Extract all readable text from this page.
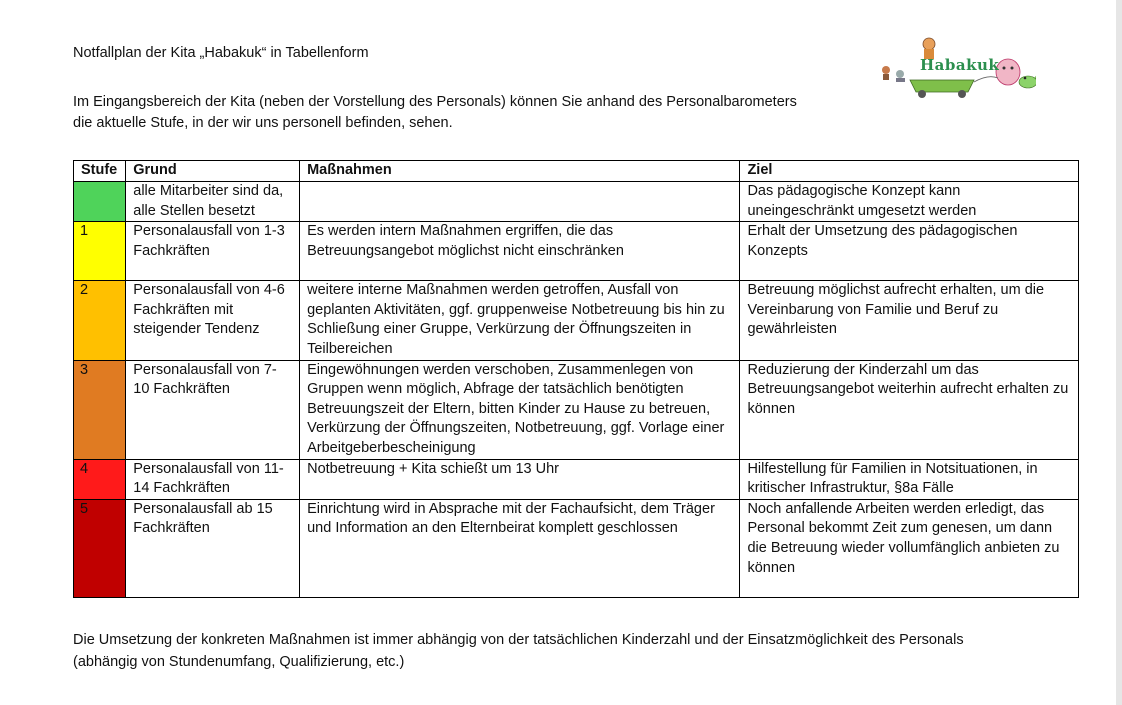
Notfallplan der Kita „Habakuk“ in Tabellenform
Habakuk

Im Eingangsbereich der Kita (neben der Vorstellung des Personals) können Sie anhand des Personalbarometers

die aktuelle Stufe, in der wir uns personell befinden, sehen.

Stufe	Grund	Maßnahmen	Ziel
	alle Mitarbeiter sind da, alle Stellen besetzt		Das pädagogische Konzept kann uneingeschränkt umgesetzt werden
1	Personalausfall von 1-3 Fachkräften	Es werden intern Maßnahmen ergriffen, die das Betreuungsangebot möglichst nicht einschränken	Erhalt der Umsetzung des pädagogischen Konzepts
2	Personalausfall von 4-6 Fachkräften mit steigender Tendenz	weitere interne Maßnahmen werden getroffen, Ausfall von geplanten Aktivitäten, ggf. gruppenweise Notbetreuung bis hin zu Schließung einer Gruppe, Verkürzung der Öffnungszeiten in Teilbereichen	Betreuung möglichst aufrecht erhalten, um die Vereinbarung von Familie und Beruf zu gewährleisten
3	Personalausfall von 7-10 Fachkräften	Eingewöhnungen werden verschoben, Zusammenlegen von Gruppen wenn möglich, Abfrage der tatsächlich benötigten Betreuungszeit der Eltern, bitten Kinder zu Hause zu betreuen, Verkürzung der Öffnungszeiten, Notbetreuung, ggf. Vorlage einer Arbeitgeberbescheinigung	Reduzierung der Kinderzahl um das Betreuungsangebot weiterhin aufrecht erhalten zu können
4	Personalausfall von 11-14 Fachkräften	Notbetreuung + Kita schießt um 13 Uhr	Hilfestellung für Familien in Notsituationen, in kritischer Infrastruktur, §8a Fälle
5	Personalausfall ab 15 Fachkräften	Einrichtung wird in Absprache mit der Fachaufsicht, dem Träger und Information an den Elternbeirat komplett geschlossen	Noch anfallende Arbeiten werden erledigt, das Personal bekommt Zeit zum genesen, um dann die Betreuung wieder vollumfänglich anbieten zu können

Die Umsetzung der konkreten Maßnahmen ist immer abhängig von der tatsächlichen Kinderzahl und der Einsatzmöglichkeit des Personals

(abhängig von Stundenumfang, Qualifizierung, etc.)
